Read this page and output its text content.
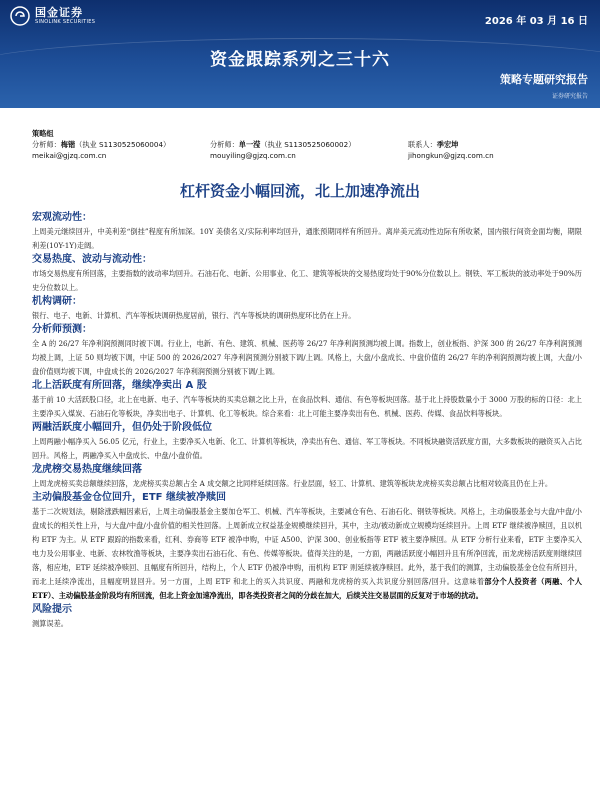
国金证券
SINOLINK SECURITIES	2026 年 03 月 16 日
资金跟踪系列之三十六
策略专题研究报告
证券研究报告
策略组
分析师：梅锴（执业 S1130525060004）	分析师：单一滢（执业 S1130525060002）	联系人：季宏坤
meikai@gjzq.com.cn	mouyiling@gjzq.com.cn	jihongkun@gjzq.com.cn
杠杆资金小幅回流，北上加速净流出

宏观流动性：

上周美元继续回升，中美利差“倒挂”程度有所加深。10Y 美债名义/实际利率均回升，通胀预期同样有所回升。离岸美元流动性边际有所收紧，国内银行间资金面均衡，期限利差(10Y-1Y)走阔。

交易热度、波动与流动性：

市场交易热度有所回落，主要指数的波动率均回升。石油石化、电新、公用事业、化工、建筑等板块的交易热度均处于90%分位数以上。钢铁、军工板块的波动率处于90%历史分位数以上。

机构调研：

银行、电子、电新、计算机、汽车等板块调研热度居前，银行、汽车等板块的调研热度环比仍在上升。

分析师预测：

全 A 的 26/27 年净利润预测同时被下调。行业上，电新、有色、建筑、机械、医药等 26/27 年净利润预测均被上调。指数上，创业板指、沪深 300 的 26/27 年净利润预测均被上调，上证 50 则均被下调，中证 500 的 2026/2027 年净利润预测分别被下调/上调。风格上，大盘/小盘成长、中盘价值的 26/27 年的净利润预测均被上调，大盘/小盘价值则均被下调，中盘成长的 2026/2027 年净利润预测分别被下调/上调。

北上活跃度有所回落，继续净卖出 A 股

基于前 10 大活跃股口径，北上在电新、电子、汽车等板块的买卖总额之比上升，在食品饮料、通信、有色等板块回落。基于北上持股数量小于 3000 万股的标的口径：北上主要净买入煤炭、石油石化等板块，净卖出电子、计算机、化工等板块。综合来看：北上可能主要净卖出有色、机械、医药、传媒、食品饮料等板块。

两融活跃度小幅回升，但仍处于阶段低位

上周两融小幅净买入 56.05 亿元，行业上，主要净买入电新、化工、计算机等板块，净卖出有色、通信、军工等板块。不同板块融资活跃度方面，大多数板块的融资买入占比回升。风格上，两融净买入中盘成长、中盘/小盘价值。

龙虎榜交易热度继续回落

上周龙虎榜买卖总额继续回落，龙虎榜买卖总额占全 A 成交额之比同样延续回落。行业层面，轻工、计算机、建筑等板块龙虎榜买卖总额占比相对较高且仍在上升。

主动偏股基金仓位回升，ETF 继续被净赎回

基于二次规划法，剔除涨跌幅因素后，上周主动偏股基金主要加仓军工、机械、汽车等板块，主要减仓有色、石油石化、钢铁等板块。风格上，主动偏股基金与大盘/中盘/小盘成长的相关性上升，与大盘/中盘/小盘价值的相关性回落。上周新成立权益基金规模继续回升，其中，主动/被动新成立规模均延续回升。上周 ETF 继续被净赎回，且以机构 ETF 为主。从 ETF 跟踪的指数来看，红利、券商等 ETF 被净申购，中证 A500、沪深 300、创业板指等 ETF 被主要净赎回。从 ETF 分析行业来看，ETF 主要净买入电力及公用事业、电新、农林牧渔等板块，主要净卖出石油石化、有色、传媒等板块。值得关注的是，一方面，两融活跃度小幅回升且有所净回流，而龙虎榜活跃度则继续回落，相应地，ETF 延续被净赎回、且幅度有所回升，结构上，个人 ETF 仍被净申购，而机构 ETF 则延续被净赎回。此外，基于我们的测算，主动偏股基金仓位有所回升，而北上延续净流出，且幅度明显回升。另一方面，上周 ETF 和北上的买入共识度、两融和龙虎榜的买入共识度分别回落/回升。这意味着部分个人投资者（两融、个人 ETF）、主动偏股基金阶段均有所回流，但北上资金加速净流出，即各类投资者之间的分歧在加大，后续关注交易层面的反复对于市场的扰动。

风险提示

测算误差。
